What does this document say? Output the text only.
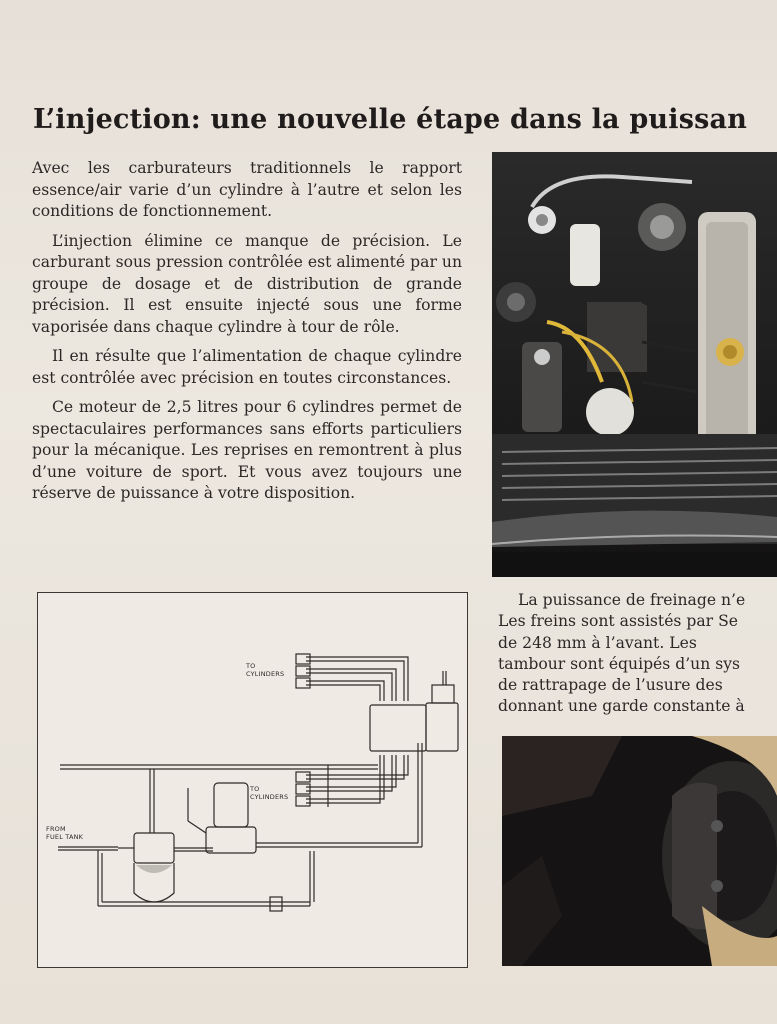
L’injection: une nouvelle étape dans la puissan

Avec les carburateurs traditionnels le rapport essence/air varie d’un cylindre à l’autre et selon les conditions de fonctionnement.

L’injection élimine ce manque de précision. Le carburant sous pression contrôlée est alimenté par un groupe de dosage et de distribution de grande précision. Il est ensuite injecté sous une forme vaporisée dans chaque cylindre à tour de rôle.

Il en résulte que l’alimentation de chaque cylindre est contrôlée avec précision en toutes circonstances.

Ce moteur de 2,5 litres pour 6 cylindres permet de spectaculaires performances sans efforts particuliers pour la mécanique. Les reprises en remontrent à plus d’une voiture de sport. Et vous avez toujours une réserve de puissance à votre disposition.

La puissance de freinage n’e
Les freins sont assistés par Se
de 248 mm à l’avant. Les
tambour sont équipés d’un sys
de rattrapage de l’usure des
donnant une garde constante à
TO
CYLINDERS
TO
CYLINDERS
FROM
FUEL TANK
